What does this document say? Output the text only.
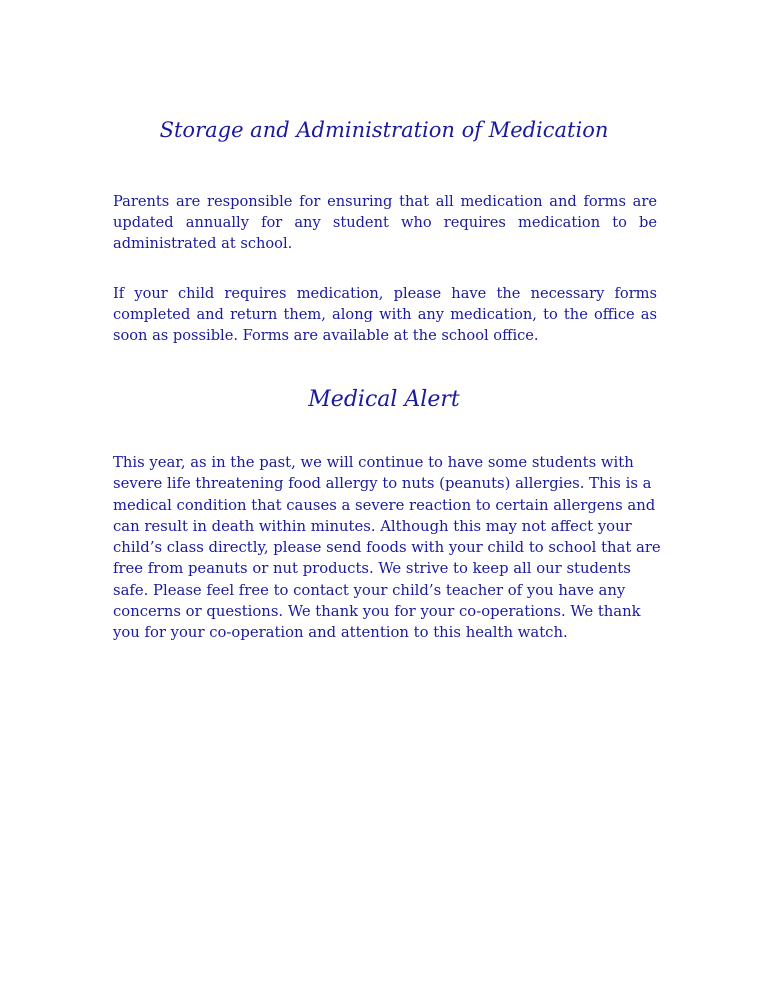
Storage and Administration of Medication

Parents are responsible for ensuring that all medication and forms are updated annually for any student who requires medication to be administrated at school.

If your child requires medication, please have the necessary forms completed and return them, along with any medication, to the office as soon as possible. Forms are available at the school office.

Medical Alert

This year, as in the past, we will continue to have some students with severe life threatening food allergy to nuts (peanuts) allergies. This is a medical condition that causes a severe reaction to certain allergens and can result in death within minutes. Although this may not affect your child’s class directly, please send foods with your child to school that are free from peanuts or nut products. We strive to keep all our students safe. Please feel free to contact your child’s teacher of you have any concerns or questions. We thank you for your co-operations. We thank you for your co-operation and attention to this health watch.
